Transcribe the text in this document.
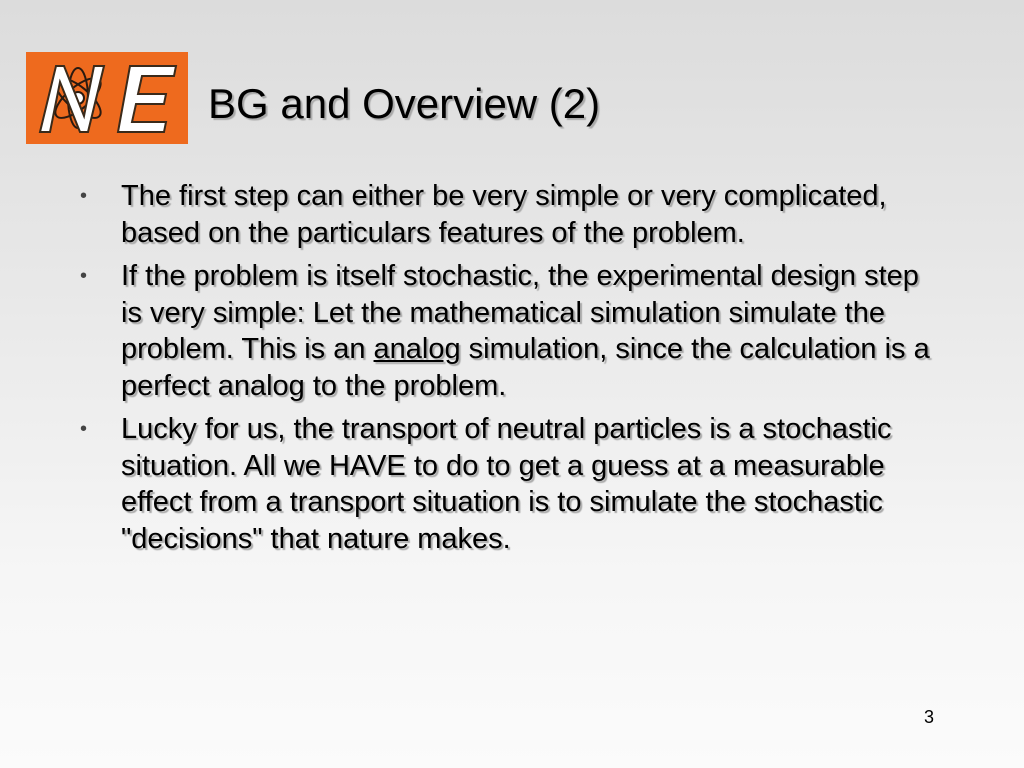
BG and Overview (2)
• The first step can either be very simple or very complicated, based on the particulars features of the problem.
• If the problem is itself stochastic, the experimental design step is very simple: Let the mathematical simulation simulate the problem. This is an analog simulation, since the calculation is a perfect analog to the problem.
• Lucky for us, the transport of neutral particles is a stochastic situation. All we HAVE to do to get a guess at a measurable effect from a transport situation is to simulate the stochastic "decisions" that nature makes.
3
